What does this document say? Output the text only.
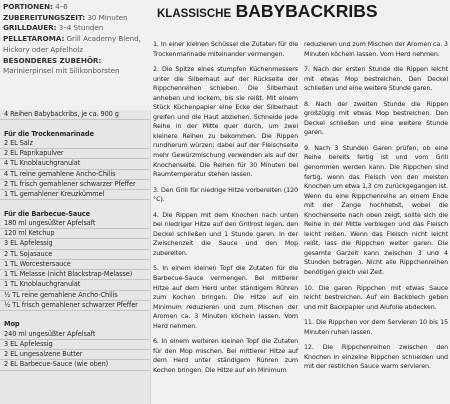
PORTIONEN: 4–6
ZUBEREITUNGSZEIT: 30 Minuten
GRILLDAUER: 3–4 Stunden
PELLETAROMA: Grill Academy Blend,
Hickory oder Apfelholz
BESONDERES ZUBEHÖR:
Marinierpinsel mit Silikonborsten
KLASSISCHE BABYBACKRIBS
4 Reihen Babybackribs, je ca. 900 g
Für die Trockenmarinade
2 EL Salz
2 EL Paprikapulver
4 TL Knoblauchgranulat
4 TL reine gemahlene Ancho-Chilis
2 TL frisch gemahlener schwarzer Pfeffer
1 TL gemahlener Kreuzkümmel
Für die Barbecue-Sauce
180 ml ungesüßter Apfelsaft
120 ml Ketchup
3 EL Apfelessig
2 TL Sojasauce
1 TL Worcestersauce
1 TL Melasse (nicht Blackstrap-Melasse)
1 TL Knoblauchgranulat
½ TL reine gemahlene Ancho-Chilis
½ TL frisch gemahlener schwarzer Pfeffer
Mop
240 ml ungesüßter Apfelsaft
3 EL Apfelessig
2 EL ungesalzene Butter
2 EL Barbecue-Sauce (wie oben)

1. In einer kleinen Schüssel die Zutaten für die Trockenmarinade miteinander vermengen.

2. Die Spitze eines stumpfen Küchenmessers unter die Silberhaut auf der Rückseite der Rippchenreihen schieben. Die Silberhaut anheben und lockern, bis sie reißt. Mit einem Stück Küchenpapier eine Ecke der Silberhaut greifen und die Haut abziehen. Schneide jede Reihe in der Mitte quer durch, um zwei kleinere Reihen zu bekommen. Die Rippen rundherum würzen; dabei auf der Fleischseite mehr Gewürzmischung verwenden als auf der Knochenseite. Die Reihen für 30 Minuten bei Raumtemperatur stehen lassen.

3. Den Grill für niedrige Hitze vorbereiten (120 °C).

4. Die Rippen mit dem Knochen nach unten bei niedriger Hitze auf den Grillrost legen, den Deckel schließen und 1 Stunde garen. In der Zwischenzeit die Sauce und den Mop zubereiten.

5. In einem kleinen Topf die Zutaten für die Barbecue-Sauce vermengen. Bei mittlerer Hitze auf dem Herd unter ständigem Rühren zum Kochen bringen. Die Hitze auf ein Minimum reduzieren und zum Mischen der Aromen ca. 3 Minuten köcheln lassen. Vom Herd nehmen.

6. In einem weiteren kleinen Topf die Zutaten für den Mop mischen. Bei mittlerer Hitze auf dem Herd unter ständigem Rühren zum Kochen bringen. Die Hitze auf ein Minimum

reduzieren und zum Mischen der Aromen ca. 3 Minuten köcheln lassen. Vom Herd nehmen.

7. Nach der ersten Stunde die Rippen leicht mit etwas Mop bestreichen. Den Deckel schließen und eine weitere Stunde garen.

8. Nach der zweiten Stunde die Rippen großzügig mit etwas Mop bestreichen. Den Deckel schließen und eine weitere Stunde garen.

9. Nach 3 Stunden Garen prüfen, ob eine Reihe bereits fertig ist und vom Grill genommen werden kann. Die Rippchen sind fertig, wenn das Fleisch von den meisten Knochen um etwa 1,3 cm zurückgegangen ist. Wenn du eine Rippchenreihe an einem Ende mit der Zange hochhebst, wobei die Knochenseite nach oben zeigt, sollte sich die Reihe in der Mitte verbiegen und das Fleisch leicht reißen. Wenn das Fleisch nicht leicht reißt, lass die Rippchen weiter garen. Die gesamte Garzeit kann zwischen 3 und 4 Stunden betragen. Nicht alle Rippchenreihen benötigen gleich viel Zeit.

10. Die garen Rippchen mit etwas Sauce leicht bestreichen. Auf ein Backblech geben und mit Backpapier und Alufolie abdecken.

11. Die Rippchen vor dem Servieren 10 bis 15 Minuten ruhen lassen.

12. Die Rippchenreihen zwischen den Knochen in einzelne Rippchen schneiden und mit der restlichen Sauce warm servieren.
